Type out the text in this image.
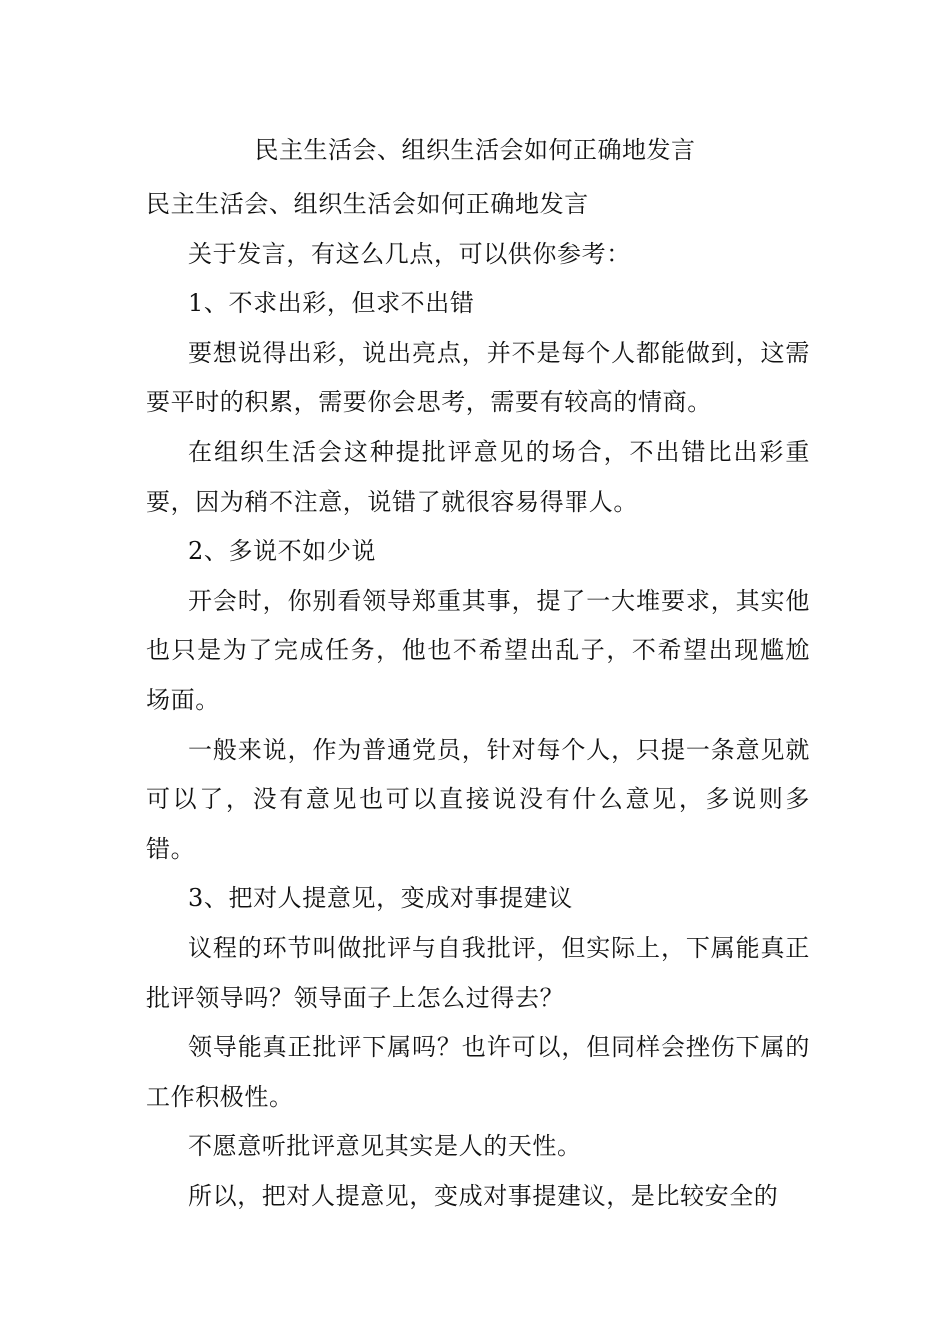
民主生活会、组织生活会如何正确地发言

民主生活会、组织生活会如何正确地发言

关于发言，有这么几点，可以供你参考：

1、不求出彩，但求不出错

要想说得出彩，说出亮点，并不是每个人都能做到，这需要平时的积累，需要你会思考，需要有较高的情商。

在组织生活会这种提批评意见的场合，不出错比出彩重要，因为稍不注意，说错了就很容易得罪人。

2、多说不如少说

开会时，你别看领导郑重其事，提了一大堆要求，其实他也只是为了完成任务，他也不希望出乱子，不希望出现尴尬场面。

一般来说，作为普通党员，针对每个人，只提一条意见就可以了，没有意见也可以直接说没有什么意见，多说则多错。

3、把对人提意见，变成对事提建议

议程的环节叫做批评与自我批评，但实际上，下属能真正批评领导吗？领导面子上怎么过得去？

领导能真正批评下属吗？也许可以，但同样会挫伤下属的工作积极性。

不愿意听批评意见其实是人的天性。

所以，把对人提意见，变成对事提建议，是比较安全的
